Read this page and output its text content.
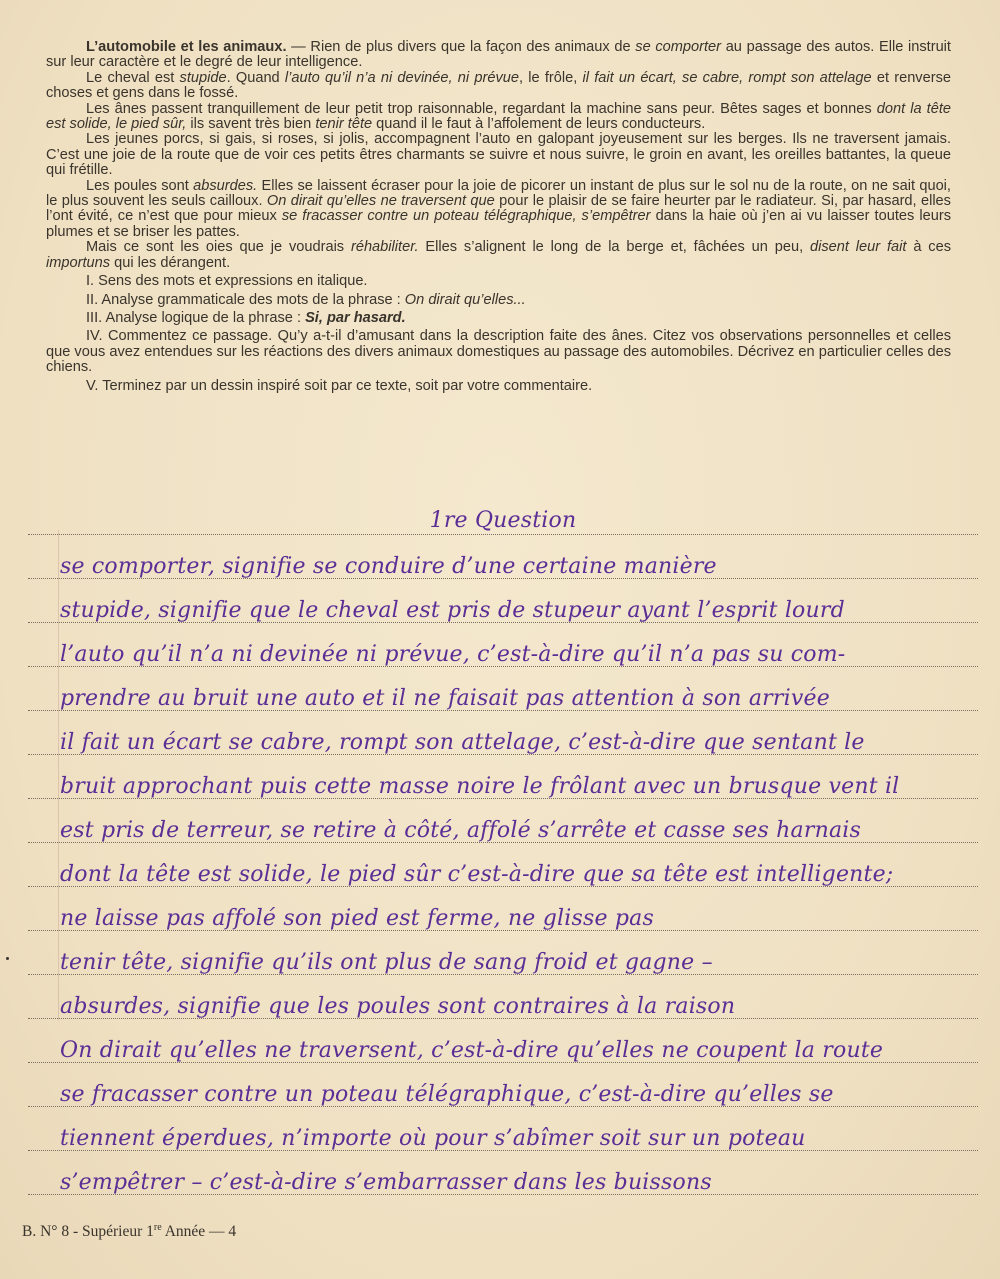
L’automobile et les animaux. — Rien de plus divers que la façon des animaux de se comporter au passage des autos. Elle instruit sur leur caractère et le degré de leur intelligence.

Le cheval est stupide. Quand l’auto qu’il n’a ni devinée, ni prévue, le frôle, il fait un écart, se cabre, rompt son attelage et renverse choses et gens dans le fossé.

Les ânes passent tranquillement de leur petit trop raisonnable, regardant la machine sans peur. Bêtes sages et bonnes dont la tête est solide, le pied sûr, ils savent très bien tenir tête quand il le faut à l’affolement de leurs conducteurs.

Les jeunes porcs, si gais, si roses, si jolis, accompagnent l’auto en galopant joyeusement sur les berges. Ils ne traversent jamais. C’est une joie de la route que de voir ces petits êtres charmants se suivre et nous suivre, le groin en avant, les oreilles battantes, la queue qui frétille.

Les poules sont absurdes. Elles se laissent écraser pour la joie de picorer un instant de plus sur le sol nu de la route, on ne sait quoi, le plus souvent les seuls cailloux. On dirait qu’elles ne traversent que pour le plaisir de se faire heurter par le radiateur. Si, par hasard, elles l’ont évité, ce n’est que pour mieux se fracasser contre un poteau télégraphique, s’empêtrer dans la haie où j’en ai vu laisser toutes leurs plumes et se briser les pattes.

Mais ce sont les oies que je voudrais réhabiliter. Elles s’alignent le long de la berge et, fâchées un peu, disent leur fait à ces importuns qui les dérangent.

I. Sens des mots et expressions en italique.

II. Analyse grammaticale des mots de la phrase : On dirait qu’elles...

III. Analyse logique de la phrase : Si, par hasard.

IV. Commentez ce passage. Qu’y a-t-il d’amusant dans la description faite des ânes. Citez vos observations personnelles et celles que vous avez entendues sur les réactions des divers animaux domestiques au passage des automobiles. Décrivez en particulier celles des chiens.

V. Terminez par un dessin inspiré soit par ce texte, soit par votre commentaire.

1re Question
se comporter, signifie se conduire d’une certaine manière
stupide, signifie que le cheval est pris de stupeur ayant l’esprit lourd
l’auto qu’il n’a ni devinée ni prévue, c’est-à-dire qu’il n’a pas su com-
prendre au bruit une auto et il ne faisait pas attention à son arrivée
il fait un écart se cabre, rompt son attelage, c’est-à-dire que sentant le
bruit approchant puis cette masse noire le frôlant avec un brusque vent il
est pris de terreur, se retire à côté, affolé s’arrête et casse ses harnais
dont la tête est solide, le pied sûr c’est-à-dire que sa tête est intelligente;
ne laisse pas affolé son pied est ferme, ne glisse pas
tenir tête, signifie qu’ils ont plus de sang froid et gagne –
absurdes, signifie que les poules sont contraires à la raison
On dirait qu’elles ne traversent, c’est-à-dire qu’elles ne coupent la route
se fracasser contre un poteau télégraphique, c’est-à-dire qu’elles se
tiennent éperdues, n’importe où pour s’abîmer soit sur un poteau
s’empêtrer – c’est-à-dire s’embarrasser dans les buissons
B. N° 8 - Supérieur 1re Année — 4
